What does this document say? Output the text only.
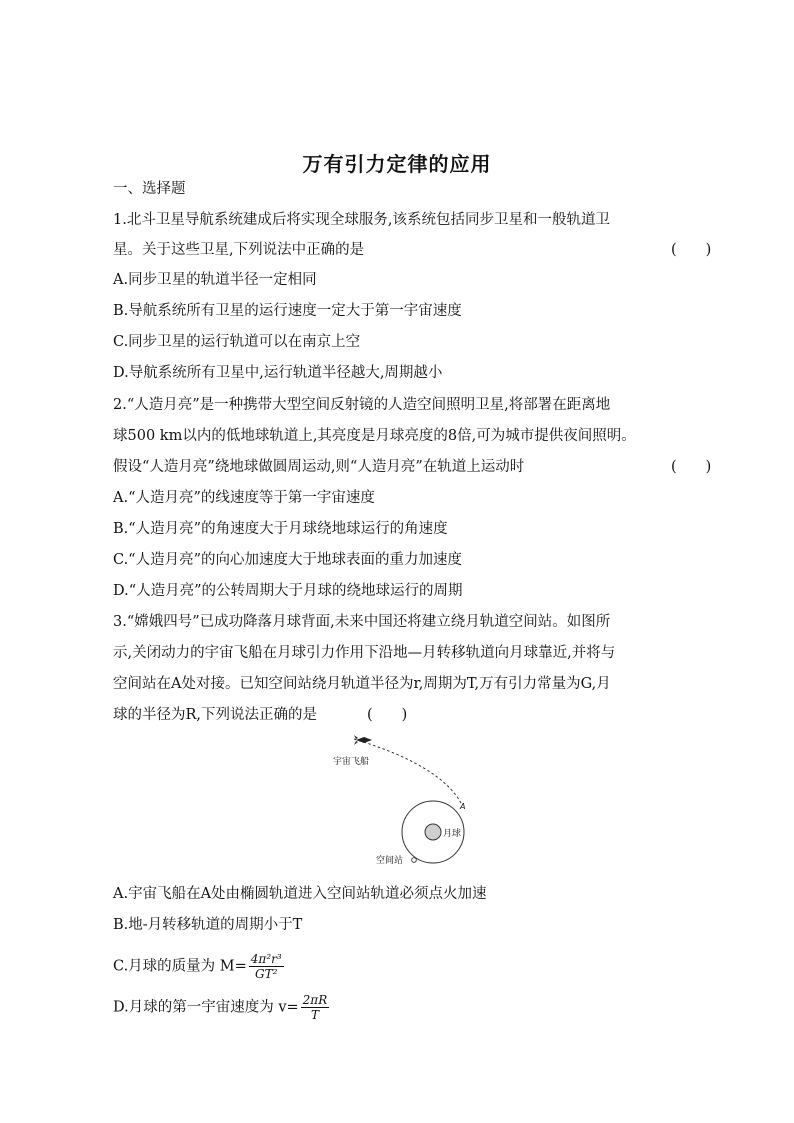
万有引力定律的应用
一、选择题
1.北斗卫星导航系统建成后将实现全球服务,该系统包括同步卫星和一般轨道卫
星。关于这些卫星,下列说法中正确的是	(　　)
A.同步卫星的轨道半径一定相同
B.导航系统所有卫星的运行速度一定大于第一宇宙速度
C.同步卫星的运行轨道可以在南京上空
D.导航系统所有卫星中,运行轨道半径越大,周期越小
2.“人造月亮”是一种携带大型空间反射镜的人造空间照明卫星,将部署在距离地
球500 km以内的低地球轨道上,其亮度是月球亮度的8倍,可为城市提供夜间照明。
假设“人造月亮”绕地球做圆周运动,则“人造月亮”在轨道上运动时	(　　)
A.“人造月亮”的线速度等于第一宇宙速度
B.“人造月亮”的角速度大于月球绕地球运行的角速度
C.“人造月亮”的向心加速度大于地球表面的重力加速度
D.“人造月亮”的公转周期大于月球的绕地球运行的周期
3.“嫦娥四号”已成功降落月球背面,未来中国还将建立绕月轨道空间站。如图所
示,关闭动力的宇宙飞船在月球引力作用下沿地—月转移轨道向月球靠近,并将与
空间站在A处对接。已知空间站绕月轨道半径为r,周期为T,万有引力常量为G,月
球的半径为R,下列说法正确的是	(　　)
宇宙飞船
A
月球
空间站
A.宇宙飞船在A处由椭圆轨道进入空间站轨道必须点火加速
B.地-月转移轨道的周期小于T
C.月球的质量为 $M= \frac{\text{4π²r³}}{\text{GT²}}$
D.月球的第一宇宙速度为 $v= \frac{2\pi R}{T}$
